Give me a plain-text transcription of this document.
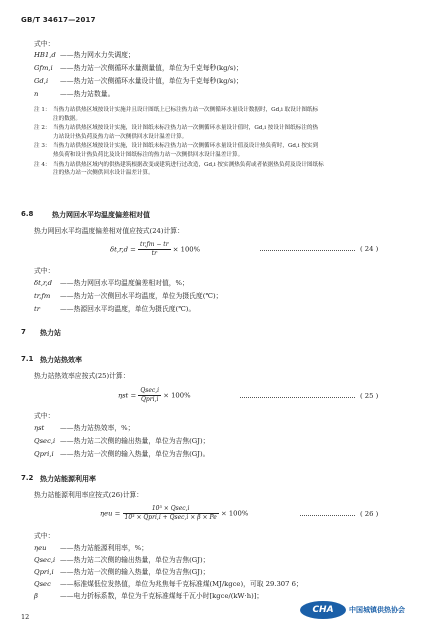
GB/T 34617—2017
式中：
HB1,d ——热力网水力失调度；
Gfm,i ——热力站一次侧循环水量测量值，单位为千克每秒(kg/s)；
Gd,i ——热力站一次侧循环水量设计值，单位为千克每秒(kg/s)；
n	——热力站数量。
注 1： 当热力站供热区域按设计实施并且设计图纸上已标注热力站一次侧循环水量设计数据时，Gd,i 取设计图纸标
注的数据。
注 2： 当热力站供热区域按设计实施，设计图纸未标注热力站一次侧循环水量设计值时，Gd,i 按设计图纸标注的热
力站设计热负荷及热力站一次侧供回水设计温差计算。
注 3： 当热力站供热区域按设计实施，设计图纸未标注热力站一次侧循环水量设计值及设计热负荷时，Gd,i 按实到
热负荷和设计热负荷比及设计图纸标注的热力站一次侧供回水设计温差计算。
注 4： 当热力站供热区域内的供热建筑根据改变或建筑进行过改造，Gd,i 按实测热负荷或者依据热负荷及设计图纸标
注的热力站一次侧供回水设计温差计算。
6.8	热力网回水平均温度偏差相对值
热力网回水平均温度偏差相对值应按式(24)计算：
$\delta t,r,d = \frac{tr,fm - tr}{tr} \times 100\%$	( 24 )
式中：
δt,r,d ——热力网回水平均温度偏差相对值，%；
tr,fm ——热力站一次侧回水平均温度，单位为摄氏度(℃)；
tr	——热源回水平均温度，单位为摄氏度(℃)。
7 热力站
7.1 热力站热效率
热力站热效率应按式(25)计算：
$\eta st = \frac{Qsec,i}{\text{Qpri,i}} \times 100\%$	( 25 )
式中：
ηst ——热力站热效率，%；
Qsec,i ——热力站二次侧的输出热量，单位为吉焦(GJ)；
Qpri,i ——热力站一次侧的输入热量，单位为吉焦(GJ)。
7.2 热力站能源利用率
热力站能源利用率应按式(26)计算：
$\eta eu = \frac{\text{10³ × Qsec,i}}{\text{10³ × Qpri,i + Qsec,i × β × Pe}} \times 100\%$	( 26 )
式中：
ηeu ——热力站能源利用率，%；
Qsec,i ——热力站二次侧的输出热量，单位为吉焦(GJ)；
Qpri,i ——热力站一次侧的输入热量，单位为吉焦(GJ)；
Qsec ——标准煤低位发热值，单位为兆焦每千克标准煤(MJ/kgce)，可取 29.307 6；
β	——电力折标系数，单位为千克标准煤每千瓦小时[kgce/(kW·h)]；
12
CHA	中国城镇供热协会
